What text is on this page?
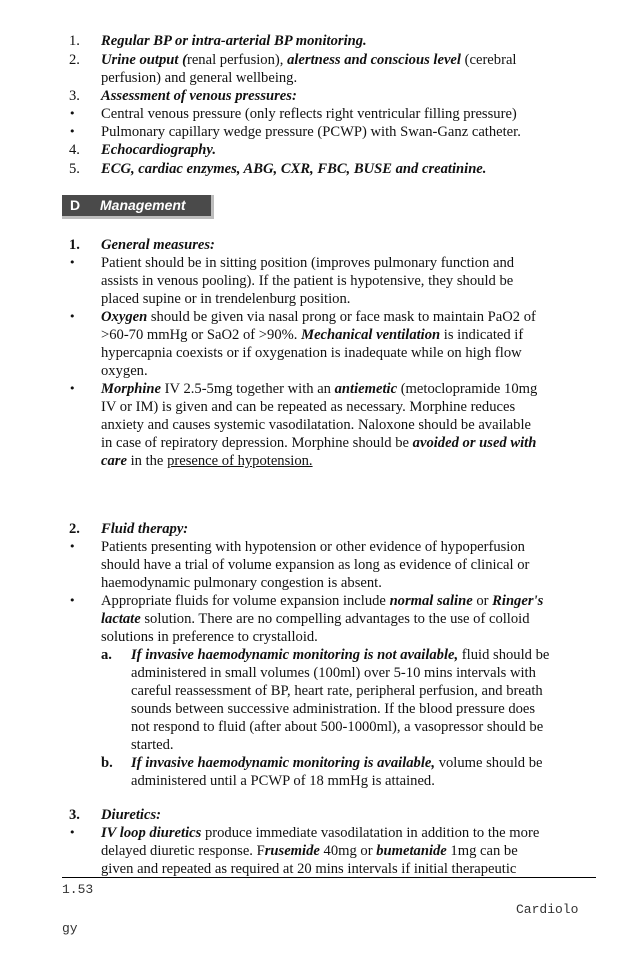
1. Regular BP or intra-arterial BP monitoring.
2. Urine output (renal perfusion), alertness and conscious level (cerebral
perfusion) and general wellbeing.
3. Assessment of venous pressures:
• Central venous pressure (only reflects right ventricular filling pressure)
• Pulmonary capillary wedge pressure (PCWP) with Swan-Ganz catheter.
4. Echocardiography.
5. ECG, cardiac enzymes, ABG, CXR, FBC, BUSE and creatinine.
D Management
1. General measures:
• Patient should be in sitting position (improves pulmonary function and
assists in venous pooling). If the patient is hypotensive, they should be
placed supine or in trendelenburg position.
• Oxygen should be given via nasal prong or face mask to maintain PaO2 of
>60-70 mmHg or SaO2 of >90%. Mechanical ventilation is indicated if
hypercapnia coexists or if oxygenation is inadequate while on high flow
oxygen.
• Morphine IV 2.5-5mg together with an antiemetic (metoclopramide 10mg
IV or IM) is given and can be repeated as necessary. Morphine reduces
anxiety and causes systemic vasodilatation. Naloxone should be available
in case of repiratory depression. Morphine should be avoided or used with
care in the presence of hypotension.
2. Fluid therapy:
• Patients presenting with hypotension or other evidence of hypoperfusion
should have a trial of volume expansion as long as evidence of clinical or
haemodynamic pulmonary congestion is absent.
• Appropriate fluids for volume expansion include normal saline or Ringer's
lactate solution. There are no compelling advantages to the use of colloid
solutions in preference to crystalloid.
a. If invasive haemodynamic monitoring is not available, fluid should be
administered in small volumes (100ml) over 5-10 mins intervals with
careful reassessment of BP, heart rate, peripheral perfusion, and breath
sounds between successive administration. If the blood pressure does
not respond to fluid (after about 500-1000ml), a vasopressor should be
started.
b. If invasive haemodynamic monitoring is available, volume should be
administered until a PCWP of 18 mmHg is attained.
3. Diuretics:
• IV loop diuretics produce immediate vasodilatation in addition to the more
delayed diuretic response. Frusemide 40mg or bumetanide 1mg can be
given and repeated as required at 20 mins intervals if initial therapeutic
1.53
Cardiolo
gy
